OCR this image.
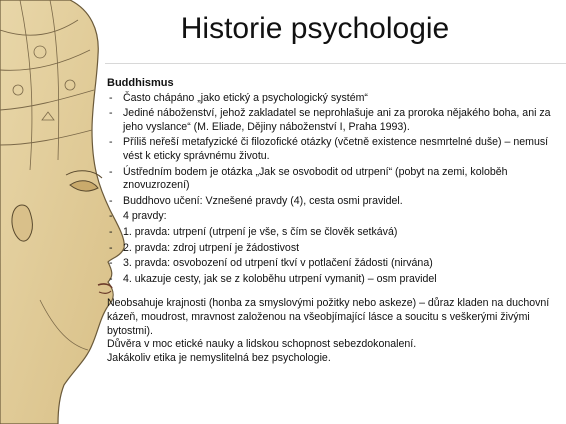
Historie psychologie
Buddhismus
- Často chápáno „jako etický a psychologický systém“
- Jediné náboženství, jehož zakladatel se neprohlašuje ani za proroka nějakého boha, ani za jeho vyslance“ (M. Eliade, Dějiny náboženství I, Praha 1993).
- Příliš neřeší metafyzické či filozofické otázky (včetně existence nesmrtelné duše) – nemusí vést k eticky správnému životu.
- Ústředním bodem je otázka „Jak se osvobodit od utrpení“ (pobyt na zemi, koloběh znovuzrození)
- Buddhovo učení: Vznešené pravdy (4), cesta osmi pravidel.
- 4 pravdy:
- 1. pravda: utrpení (utrpení je vše, s čím se člověk setkává)
- 2. pravda: zdroj utrpení je žádostivost
- 3. pravda: osvobození od utrpení tkví v potlačení žádosti (nirvána)
- 4. ukazuje cesty, jak se z koloběhu utrpení vymanit) – osm pravidel
Neobsahuje krajnosti (honba za smyslovými požitky nebo askeze) – důraz kladen na duchovní kázeň, moudrost, mravnost založenou na všeobjímající lásce a soucitu s veškerými živými bytostmi).
Důvěra v moc etické nauky a lidskou schopnost sebezdokonalení.
Jakákoliv etika je nemyslitelná bez psychologie.
